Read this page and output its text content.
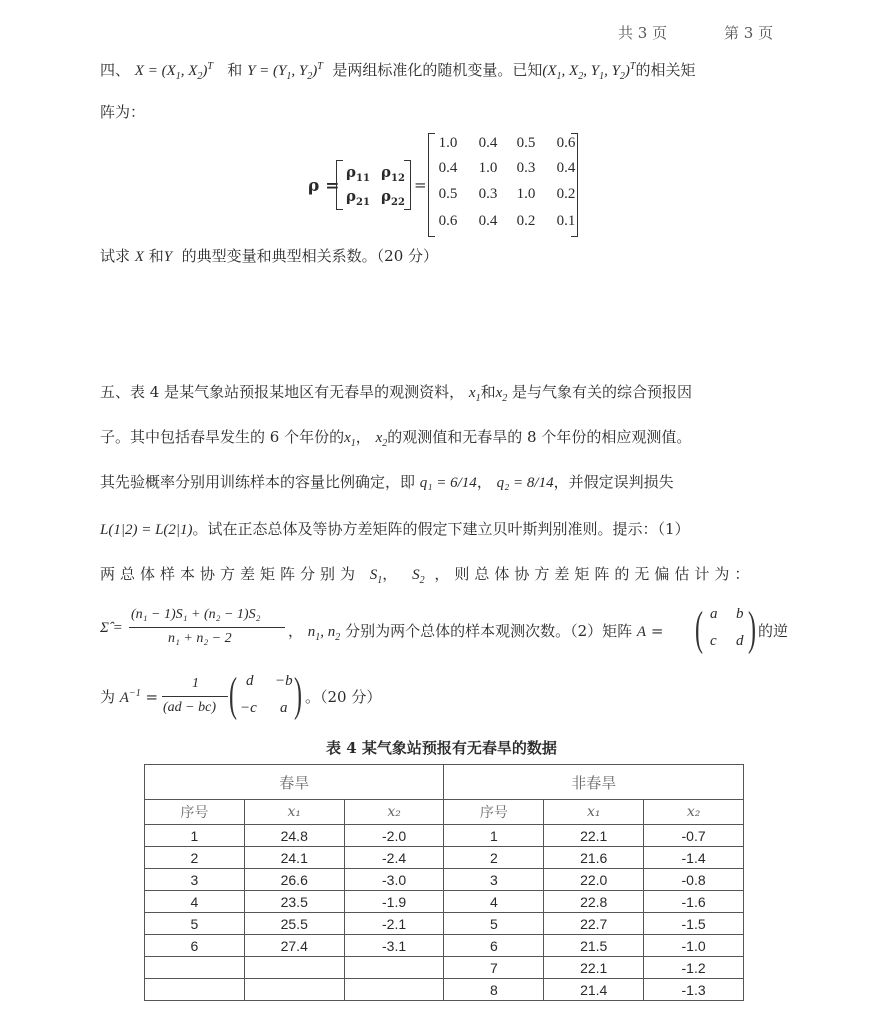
共 3 页	第 3 页
四、 $X = (X_1$, $X_2)^T$ 和 $Y = (Y_1$, $Y_2)^T$ 是两组标准化的随机变量。已知($X_1$, $X_2$, $Y_1$, $Y_2)^T$的相关矩
阵为：
ρ =
$\rho_{11}$ $\rho_{12}$
$\rho_{21}$ $\rho_{22}$
=
1.0	0.4	0.5	0.6
0.4	1.0	0.3	0.4
0.5	0.3	1.0	0.2
0.6	0.4	0.2	0.1
试求 X 和Y 的典型变量和典型相关系数。（20 分）
五、表 4 是某气象站预报某地区有无春旱的观测资料， $x_1$和$x_2$ 是与气象有关的综合预报因
子。其中包括春旱发生的 6 个年份的$x_1$， $x_2$的观测值和无春旱的 8 个年份的相应观测值。
其先验概率分别用训练样本的容量比例确定，即 q₁ = 6/14， q₂ = 8/14，并假定误判损失
L(1|2) = L(2|1)。试在正态总体及等协方差矩阵的假定下建立贝叶斯判别准则。提示：（1）
两总体样本协方差矩阵分别为 $S_1$， $S_2$ ，则总体协方差矩阵的无偏估计为：
Σ̂ =
(n₁ − 1)S₁ + (n₂ − 1)S₂
n₁ + n₂ − 2	， $n_1$, $n_2$ 分别为两个总体的样本观测次数。（2）矩阵 A = ( a b
c d ) 的逆
为 $A^{-1}$ =
1
(ad − bc) ( d −b
−c a ) 。（20 分）
表 4 某气象站预报有无春旱的数据
春旱			非春旱		
序号	x₁	x₂	序号	x₁	x₂
1	24.8	-2.0	1	22.1	-0.7
2	24.1	-2.4	2	21.6	-1.4
3	26.6	-3.0	3	22.0	-0.8
4	23.5	-1.9	4	22.8	-1.6
5	25.5	-2.1	5	22.7	-1.5
6	27.4	-3.1	6	21.5	-1.0
			7	22.1	-1.2
			8	21.4	-1.3
